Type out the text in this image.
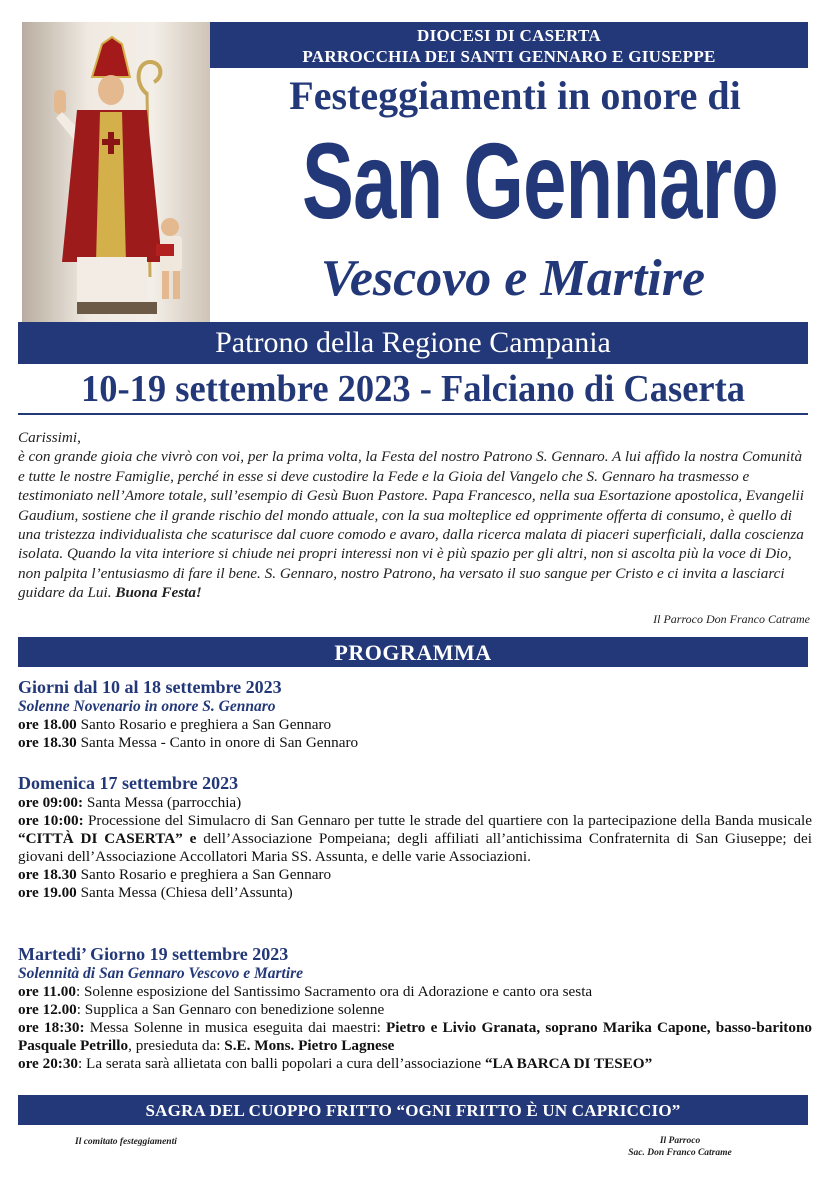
DIOCESI DI CASERTA
PARROCCHIA DEI SANTI GENNARO E GIUSEPPE
Festeggiamenti in onore di
San Gennaro
Vescovo e Martire
Patrono della Regione Campania
10-19 settembre 2023 - Falciano di Caserta

Carissimi,

è con grande gioia che vivrò con voi, per la prima volta, la Festa del nostro Patrono S. Gennaro. A lui affido la nostra Comunità e tutte le nostre Famiglie, perché in esse si deve custodire la Fede e la Gioia del Vangelo che S. Gennaro ha trasmesso e testimoniato nell’Amore totale, sull’esempio di Gesù Buon Pastore. Papa Francesco, nella sua Esortazione apostolica, Evangelii Gaudium, sostiene che il grande rischio del mondo attuale, con la sua molteplice ed opprimente offerta di consumo, è quello di una tristezza individualista che scaturisce dal cuore comodo e avaro, dalla ricerca malata di piaceri superficiali, dalla coscienza isolata. Quando la vita interiore si chiude nei propri interessi non vi è più spazio per gli altri, non si ascolta più la voce di Dio, non palpita l’entusiasmo di fare il bene. S. Gennaro, nostro Patrono, ha versato il suo sangue per Cristo e ci invita a lasciarci guidare da Lui. Buona Festa!

Il Parroco Don Franco Catrame
PROGRAMMA
Giorni dal 10 al 18 settembre 2023
Solenne Novenario in onore S. Gennaro
ore 18.00 Santo Rosario e preghiera a San Gennaro
ore 18.30 Santa Messa - Canto in onore di San Gennaro
Domenica 17 settembre 2023
ore 09:00: Santa Messa (parrocchia)
ore 10:00: Processione del Simulacro di San Gennaro per tutte le strade del quartiere con la partecipazione della Banda musicale “CITTÀ DI CASERTA” e dell’Associazione Pompeiana; degli affiliati all’antichissima Confraternita di San Giuseppe; dei giovani dell’Associazione Accollatori Maria SS. Assunta, e delle varie Associazioni.
ore 18.30 Santo Rosario e preghiera a San Gennaro
ore 19.00 Santa Messa (Chiesa dell’Assunta)
Martedi’ Giorno 19 settembre 2023
Solennità di San Gennaro Vescovo e Martire
ore 11.00: Solenne esposizione del Santissimo Sacramento ora di Adorazione e canto ora sesta
ore 12.00: Supplica a San Gennaro con benedizione solenne
ore 18:30: Messa Solenne in musica eseguita dai maestri: Pietro e Livio Granata, soprano Marika Capone, basso-baritono Pasquale Petrillo, presieduta da: S.E. Mons. Pietro Lagnese
ore 20:30: La serata sarà allietata con balli popolari a cura dell’associazione “LA BARCA DI TESEO”
SAGRA DEL CUOPPO FRITTO “OGNI FRITTO È UN CAPRICCIO”
Il comitato festeggiamenti	Il Parroco
Sac. Don Franco Catrame
